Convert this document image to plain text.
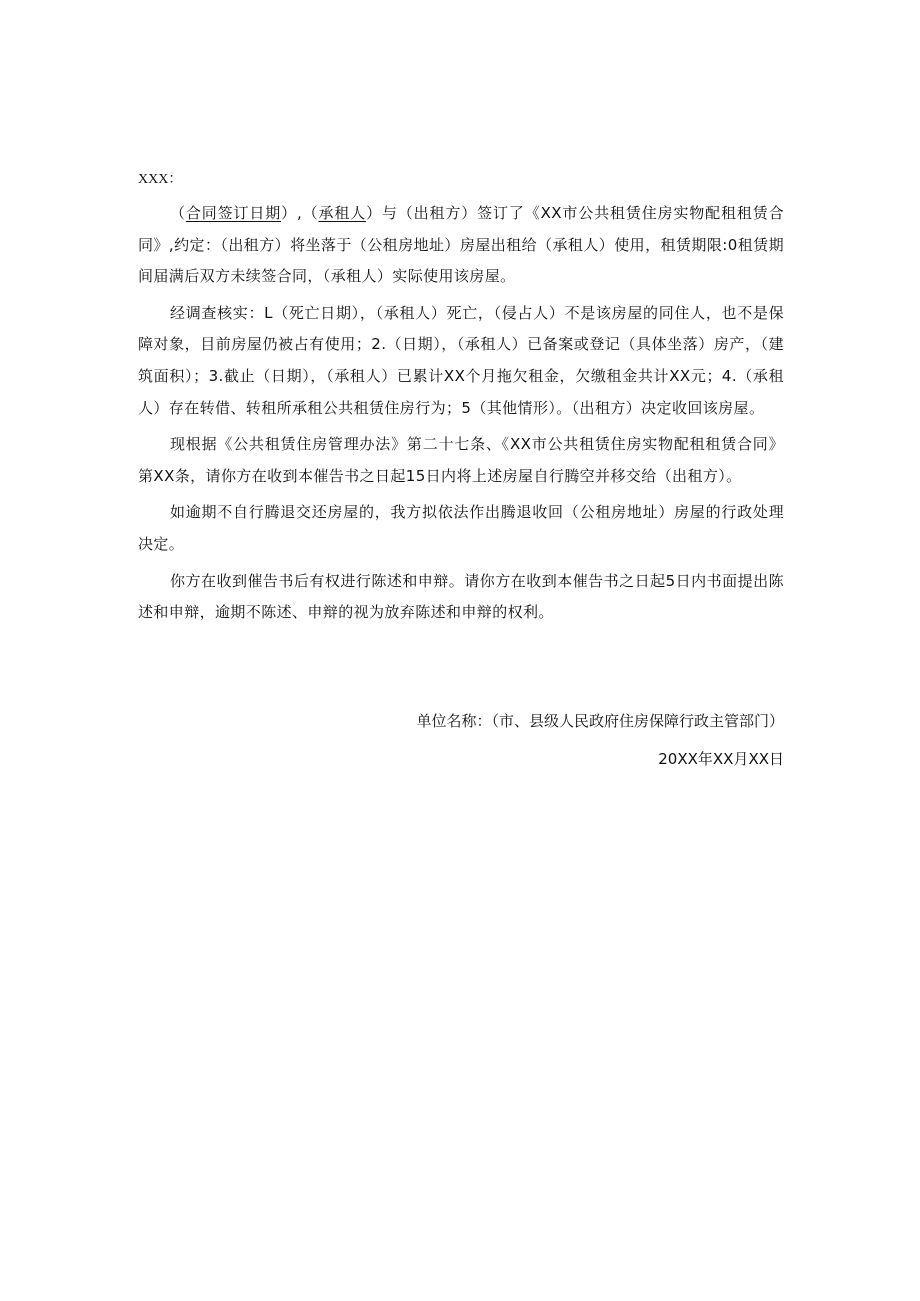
XXX：

（合同签订日期）,（承租人）与（出租方）签订了《XX市公共租赁住房实物配租租赁合同》,约定：（出租方）将坐落于（公租房地址）房屋出租给（承租人）使用，租赁期限:0租赁期间届满后双方未续签合同，（承租人）实际使用该房屋。

经调查核实：L（死亡日期），（承租人）死亡，（侵占人）不是该房屋的同住人，也不是保障对象，目前房屋仍被占有使用；2.（日期），（承租人）已备案或登记（具体坐落）房产，（建筑面积）；3.截止（日期），（承租人）已累计XX个月拖欠租金，欠缴租金共计XX元；4.（承租人）存在转借、转租所承租公共租赁住房行为；5（其他情形）。（出租方）决定收回该房屋。

现根据《公共租赁住房管理办法》第二十七条、《XX市公共租赁住房实物配租租赁合同》第XX条，请你方在收到本催告书之日起15日内将上述房屋自行腾空并移交给（出租方）。

如逾期不自行腾退交还房屋的，我方拟依法作出腾退收回（公租房地址）房屋的行政处理决定。

你方在收到催告书后有权进行陈述和申辩。请你方在收到本催告书之日起5日内书面提出陈述和申辩，逾期不陈述、申辩的视为放弃陈述和申辩的权利。

单位名称：（市、县级人民政府住房保障行政主管部门）
20XX年XX月XX日
